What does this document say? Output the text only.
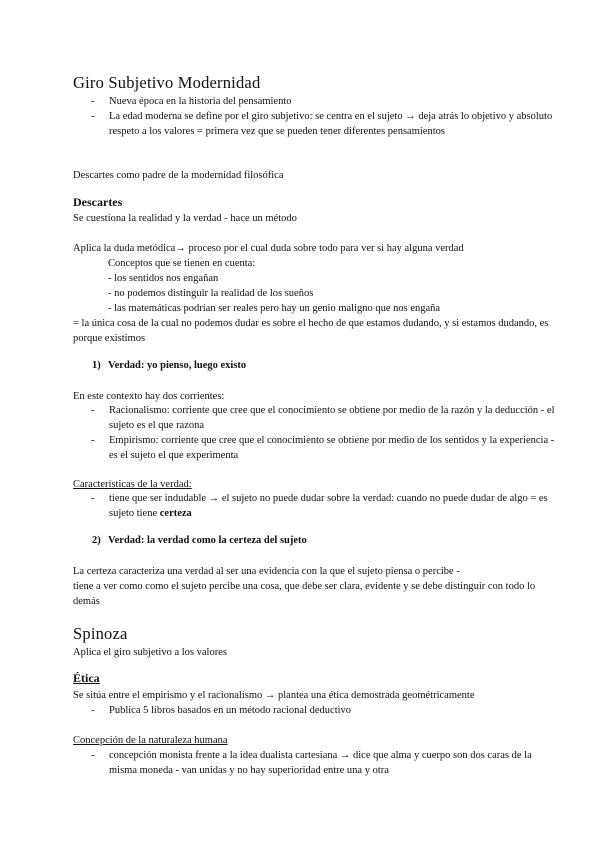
Giro Subjetivo Modernidad
- Nueva época en la historia del pensamiento
- La edad moderna se define por el giro subjetivo: se centra en el sujeto → deja atrás lo objetivo y absoluto respeto a los valores = primera vez que se pueden tener diferentes pensamientos
Descartes como padre de la modernidad filosófica
Descartes
Se cuestiona la realidad y la verdad - hace un método
Aplica la duda metódica→ proceso por el cual duda sobre todo para ver si hay alguna verdad
Conceptos que se tienen en cuenta:
- los sentidos nos engañan
- no podemos distinguir la realidad de los sueños
- las matemáticas podrían ser reales pero hay un genio maligno que nos engaña
= la única cosa de la cual no podemos dudar es sobre el hecho de que estamos dudando, y si estamos dudando, es porque existimos
1) Verdad: yo pienso, luego existo
En este contexto hay dos corrientes:
- Racionalismo: corriente que cree que el conocimiento se obtiene por medio de la razón y la deducción - el sujeto es el que razona
- Empirismo: corriente que cree que el conocimiento se obtiene por medio de los sentidos y la experiencia - es el sujeto el que experimenta
Características de la verdad:
- tiene que ser indudable → el sujeto no puede dudar sobre la verdad: cuando no puede dudar de algo = es sujeto tiene certeza
2) Verdad: la verdad como la certeza del sujeto
La certeza caracteriza una verdad al ser una evidencia con la que el sujeto piensa o percibe -
tiene a ver como como el sujeto percibe una cosa, que debe ser clara, evidente y se debe distinguir con todo lo demás
Spinoza
Aplica el giro subjetivo a los valores
Ética
Se sitúa entre el empirismo y el racionalismo → plantea una ética demostrada geométricamente
- Publica 5 libros basados en un método racional deductivo
Concepción de la naturaleza humana
- concepción monista frente a la idea dualista cartesiana → dice que alma y cuerpo son dos caras de la misma moneda - van unidas y no hay superioridad entre una y otra
